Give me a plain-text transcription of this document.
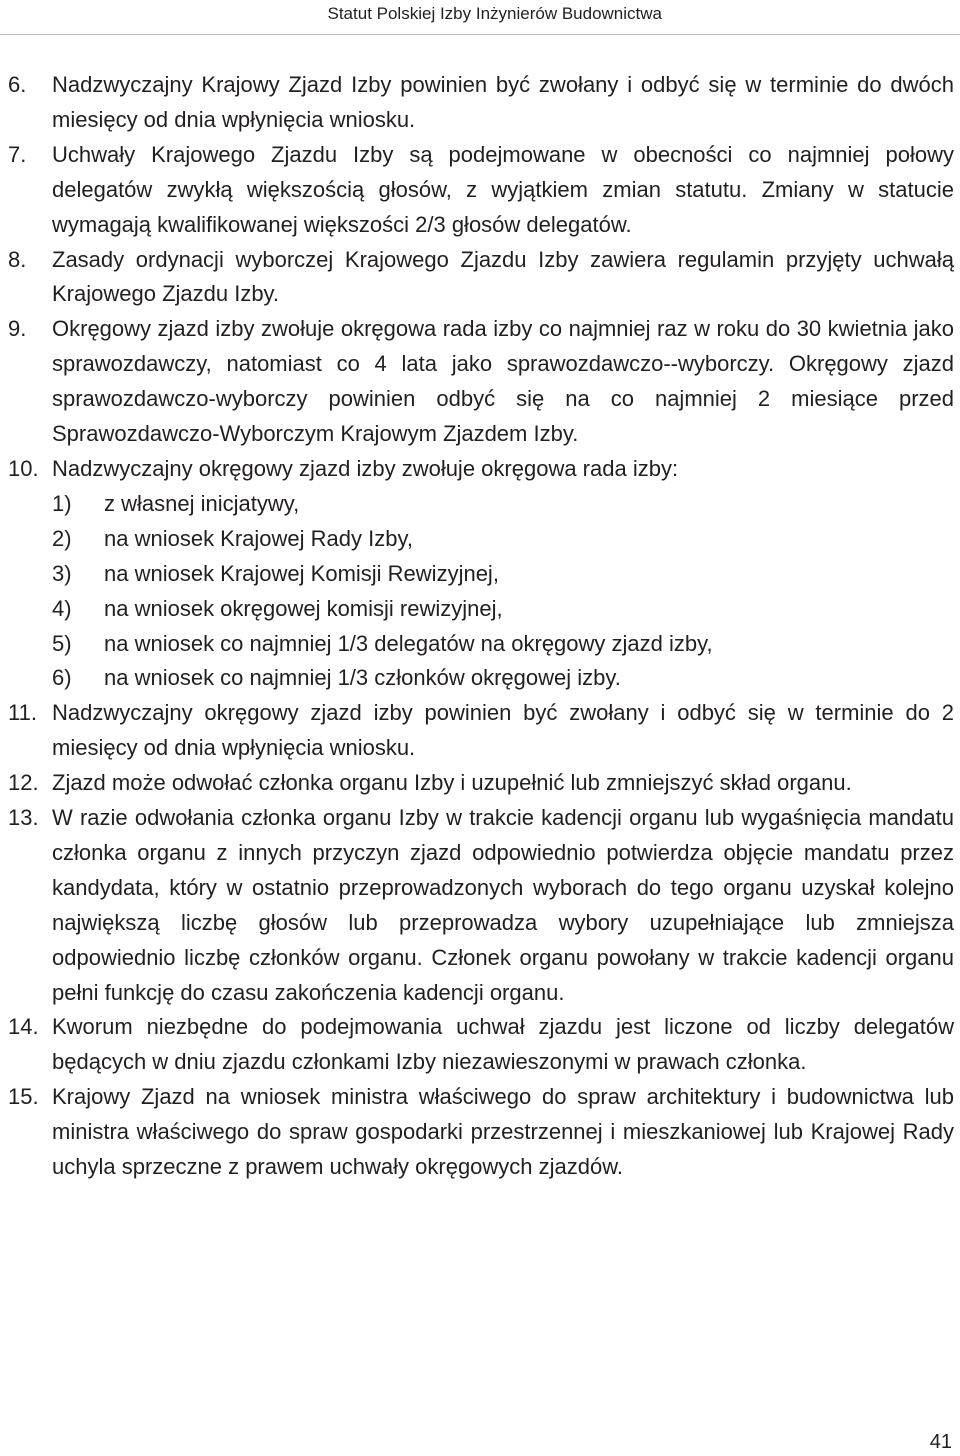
Statut Polskiej Izby Inżynierów Budownictwa
6. Nadzwyczajny Krajowy Zjazd Izby powinien być zwołany i odbyć się w terminie do dwóch miesięcy od dnia wpłynięcia wniosku.
7. Uchwały Krajowego Zjazdu Izby są podejmowane w obecności co najmniej połowy delegatów zwykłą większością głosów, z wyjątkiem zmian statutu. Zmiany w statucie wymagają kwalifikowanej większości 2/3 głosów delegatów.
8. Zasady ordynacji wyborczej Krajowego Zjazdu Izby zawiera regulamin przyjęty uchwałą Krajowego Zjazdu Izby.
9. Okręgowy zjazd izby zwołuje okręgowa rada izby co najmniej raz w roku do 30 kwietnia jako sprawozdawczy, natomiast co 4 lata jako sprawozdawczo-​-wyborczy. Okręgowy zjazd sprawozdawczo-wyborczy powinien odbyć się na co najmniej 2 miesiące przed Sprawozdawczo-Wyborczym Krajowym Zjazdem Izby.
10. Nadzwyczajny okręgowy zjazd izby zwołuje okręgowa rada izby:
1) z własnej inicjatywy,
2) na wniosek Krajowej Rady Izby,
3) na wniosek Krajowej Komisji Rewizyjnej,
4) na wniosek okręgowej komisji rewizyjnej,
5) na wniosek co najmniej 1/3 delegatów na okręgowy zjazd izby,
6) na wniosek co najmniej 1/3 członków okręgowej izby.
11. Nadzwyczajny okręgowy zjazd izby powinien być zwołany i odbyć się w terminie do 2 miesięcy od dnia wpłynięcia wniosku.
12. Zjazd może odwołać członka organu Izby i uzupełnić lub zmniejszyć skład organu.
13. W razie odwołania członka organu Izby w trakcie kadencji organu lub wygaśnięcia mandatu członka organu z innych przyczyn zjazd odpowiednio potwierdza objęcie mandatu przez kandydata, który w ostatnio przeprowadzonych wyborach do tego organu uzyskał kolejno największą liczbę głosów lub przeprowadza wybory uzupełniające lub zmniejsza odpowiednio liczbę członków organu. Członek organu powołany w trakcie kadencji organu pełni funkcję do czasu zakończenia kadencji organu.
14. Kworum niezbędne do podejmowania uchwał zjazdu jest liczone od liczby delegatów będących w dniu zjazdu członkami Izby niezawieszonymi w prawach członka.
15. Krajowy Zjazd na wniosek ministra właściwego do spraw architektury i budownictwa lub ministra właściwego do spraw gospodarki przestrzennej i mieszkaniowej lub Krajowej Rady uchyla sprzeczne z prawem uchwały okręgowych zjazdów.
41
